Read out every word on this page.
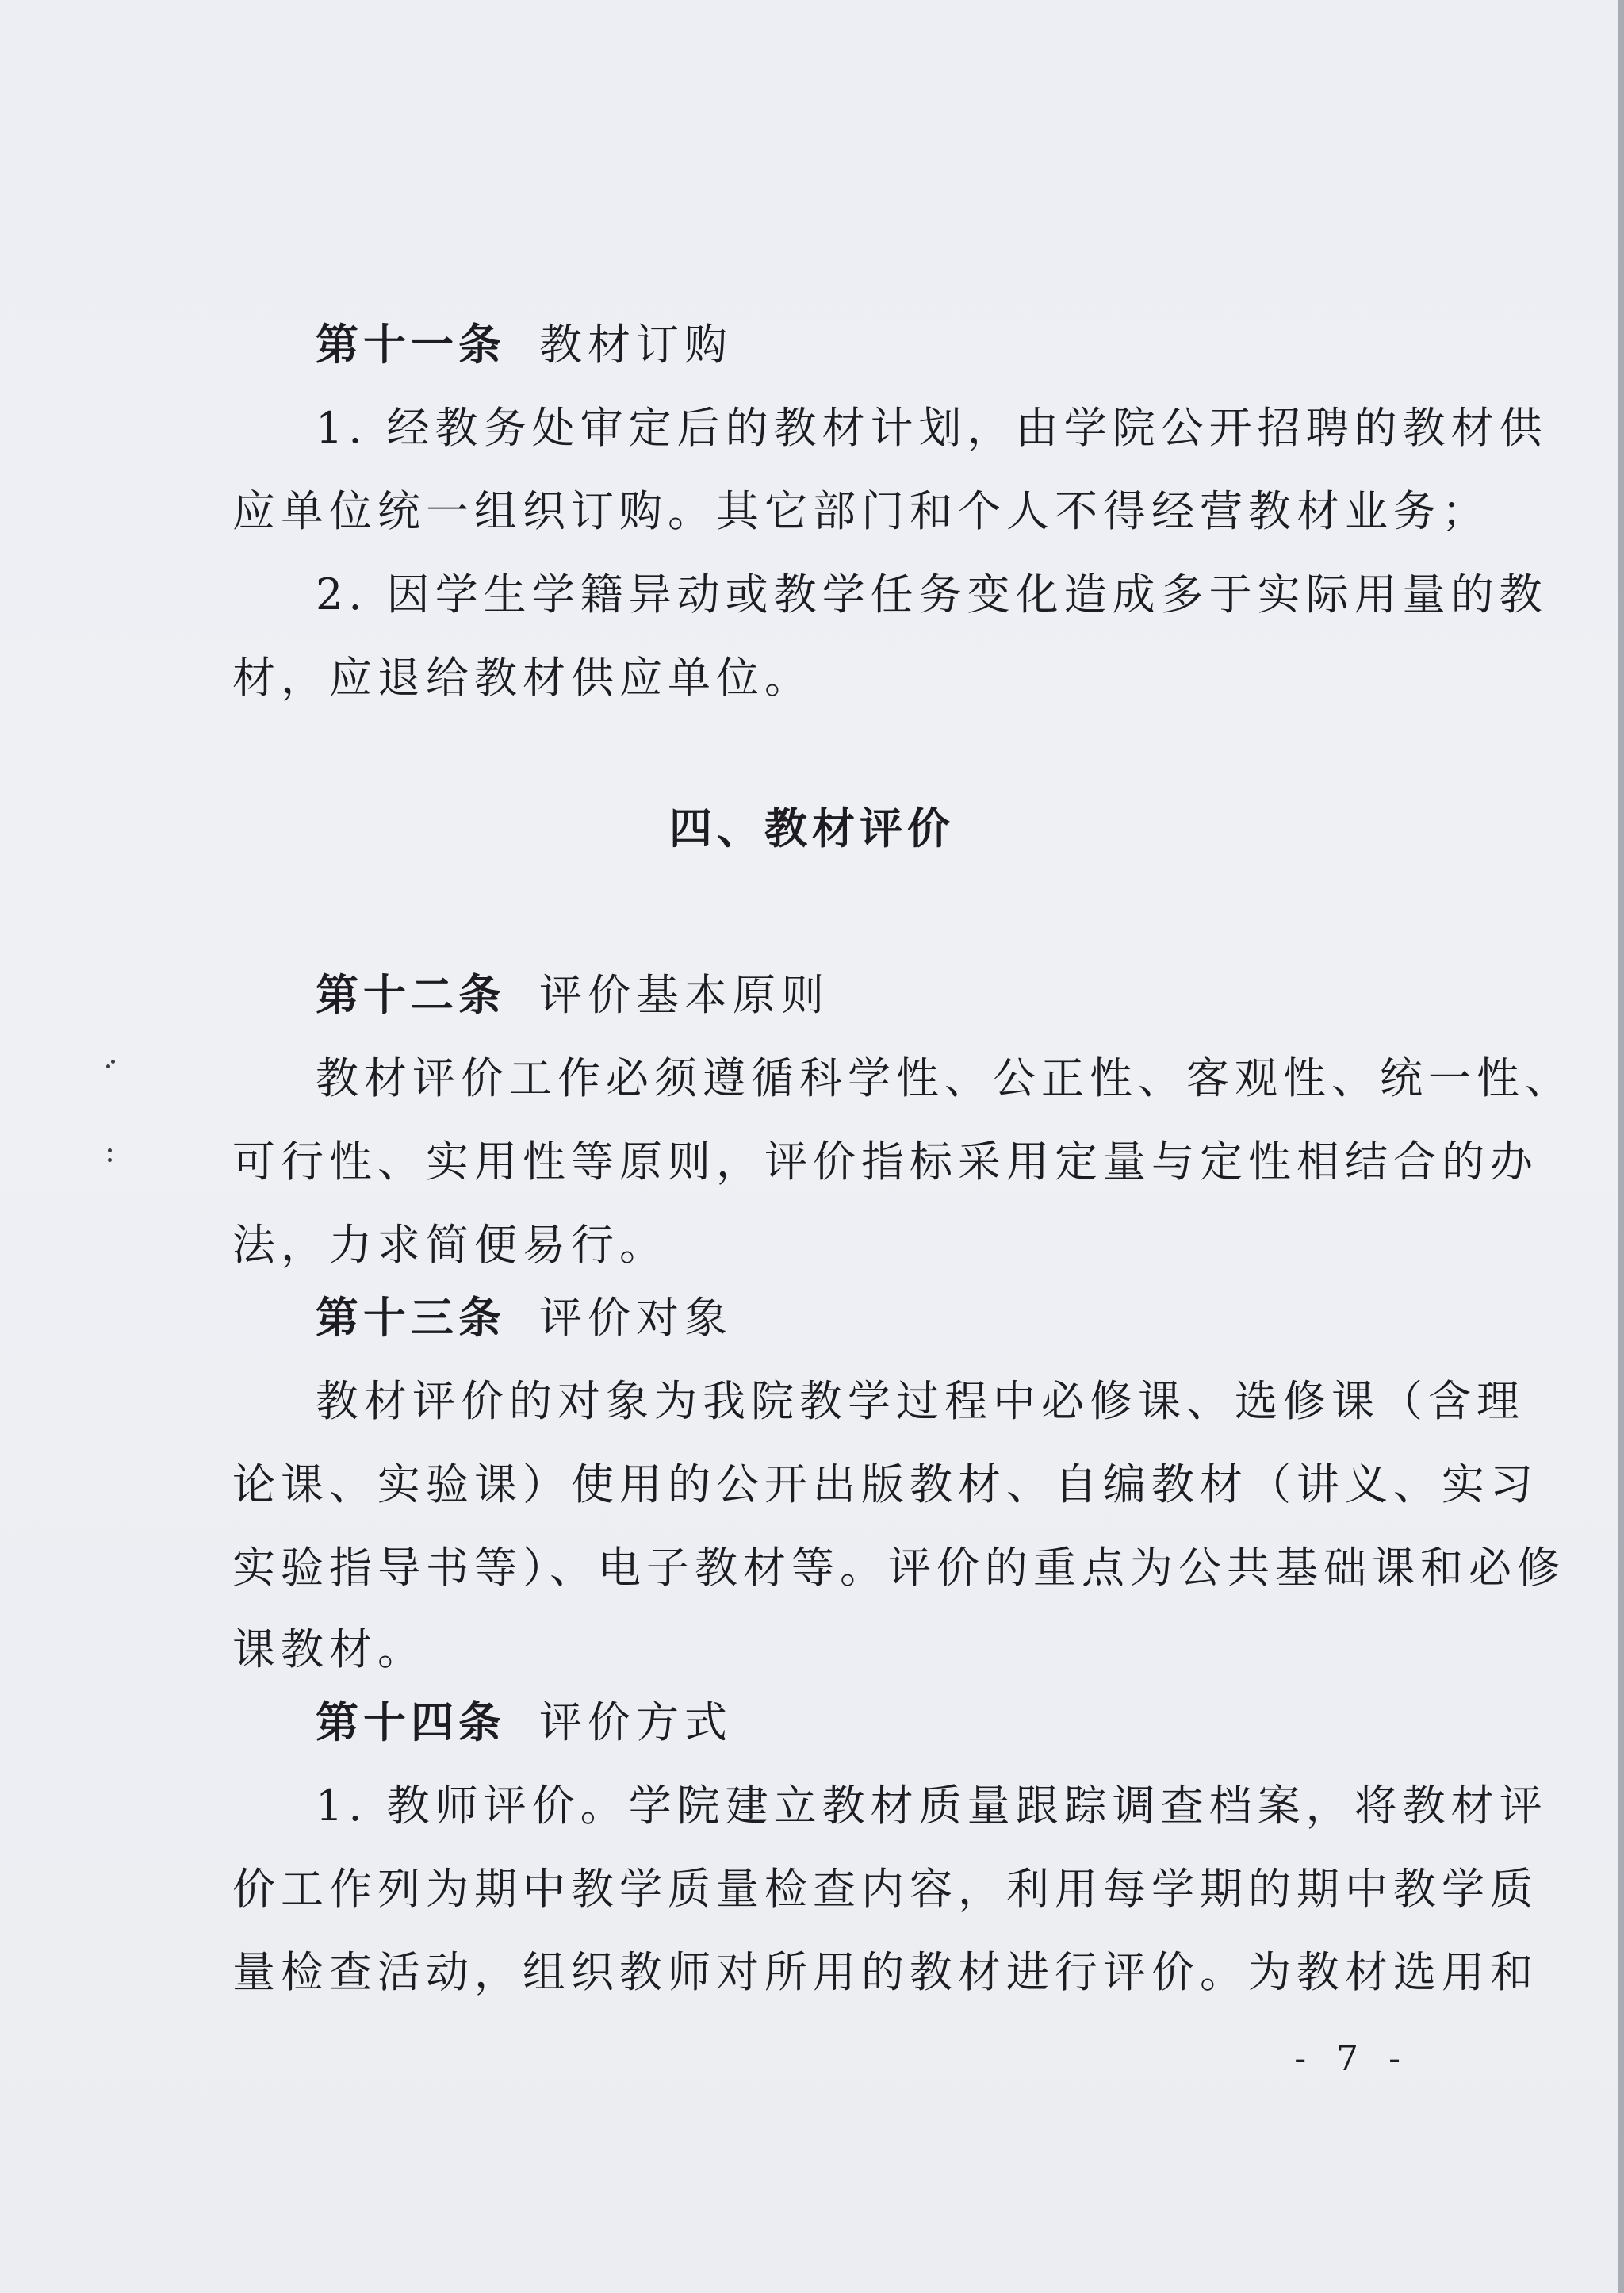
第十一条 教材订购
1. 经教务处审定后的教材计划，由学院公开招聘的教材供
应单位统一组织订购。其它部门和个人不得经营教材业务；
2. 因学生学籍异动或教学任务变化造成多于实际用量的教
材，应退给教材供应单位。
四、教材评价
第十二条 评价基本原则
教材评价工作必须遵循科学性、公正性、客观性、统一性、
可行性、实用性等原则，评价指标采用定量与定性相结合的办
法，力求简便易行。
第十三条 评价对象
教材评价的对象为我院教学过程中必修课、选修课（含理
论课、实验课）使用的公开出版教材、自编教材（讲义、实习
实验指导书等）、电子教材等。评价的重点为公共基础课和必修
课教材。
第十四条 评价方式
1. 教师评价。学院建立教材质量跟踪调查档案，将教材评
价工作列为期中教学质量检查内容，利用每学期的期中教学质
量检查活动，组织教师对所用的教材进行评价。为教材选用和
- 7 -
